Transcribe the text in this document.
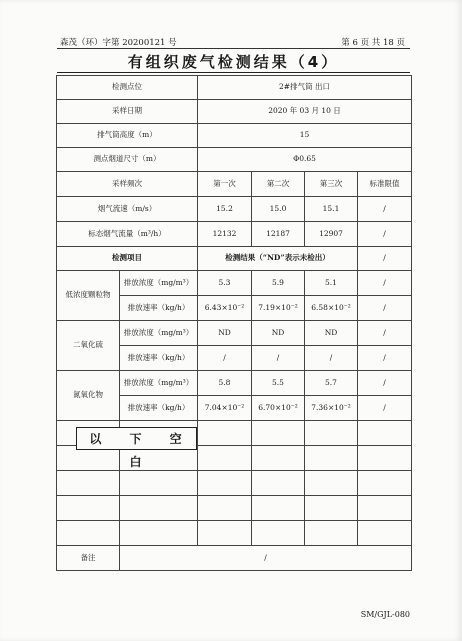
森茂（环）字第 20200121 号	第 6 页 共 18 页
有组织废气检测结果（4）
检测点位		2#排气筒 出口			
采样日期		2020 年 03 月 10 日			
排气筒高度（m）		15			
测点烟道尺寸（m）		Φ0.65			
采样频次		第一次	第二次	第三次	标准限值
烟气流速（m/s）		15.2	15.0	15.1	/
标态烟气流量（m³/h）		12132	12187	12907	/
检测项目		检测结果（“ND”表示未检出）			/
低浓度颗粒物	排放浓度（mg/m³）	5.3	5.9	5.1	/
	排放速率（kg/h）	6.43×10⁻²	7.19×10⁻²	6.58×10⁻²	/
二氧化硫	排放浓度（mg/m³）	ND	ND	ND	/
	排放速率（kg/h）	/	/	/	/
氮氧化物	排放浓度（mg/m³）	5.8	5.5	5.7	/
	排放速率（kg/h）	7.04×10⁻²	6.70×10⁻²	7.36×10⁻²	/

备注	/				
以 下 空 白
SM/GJL-080
